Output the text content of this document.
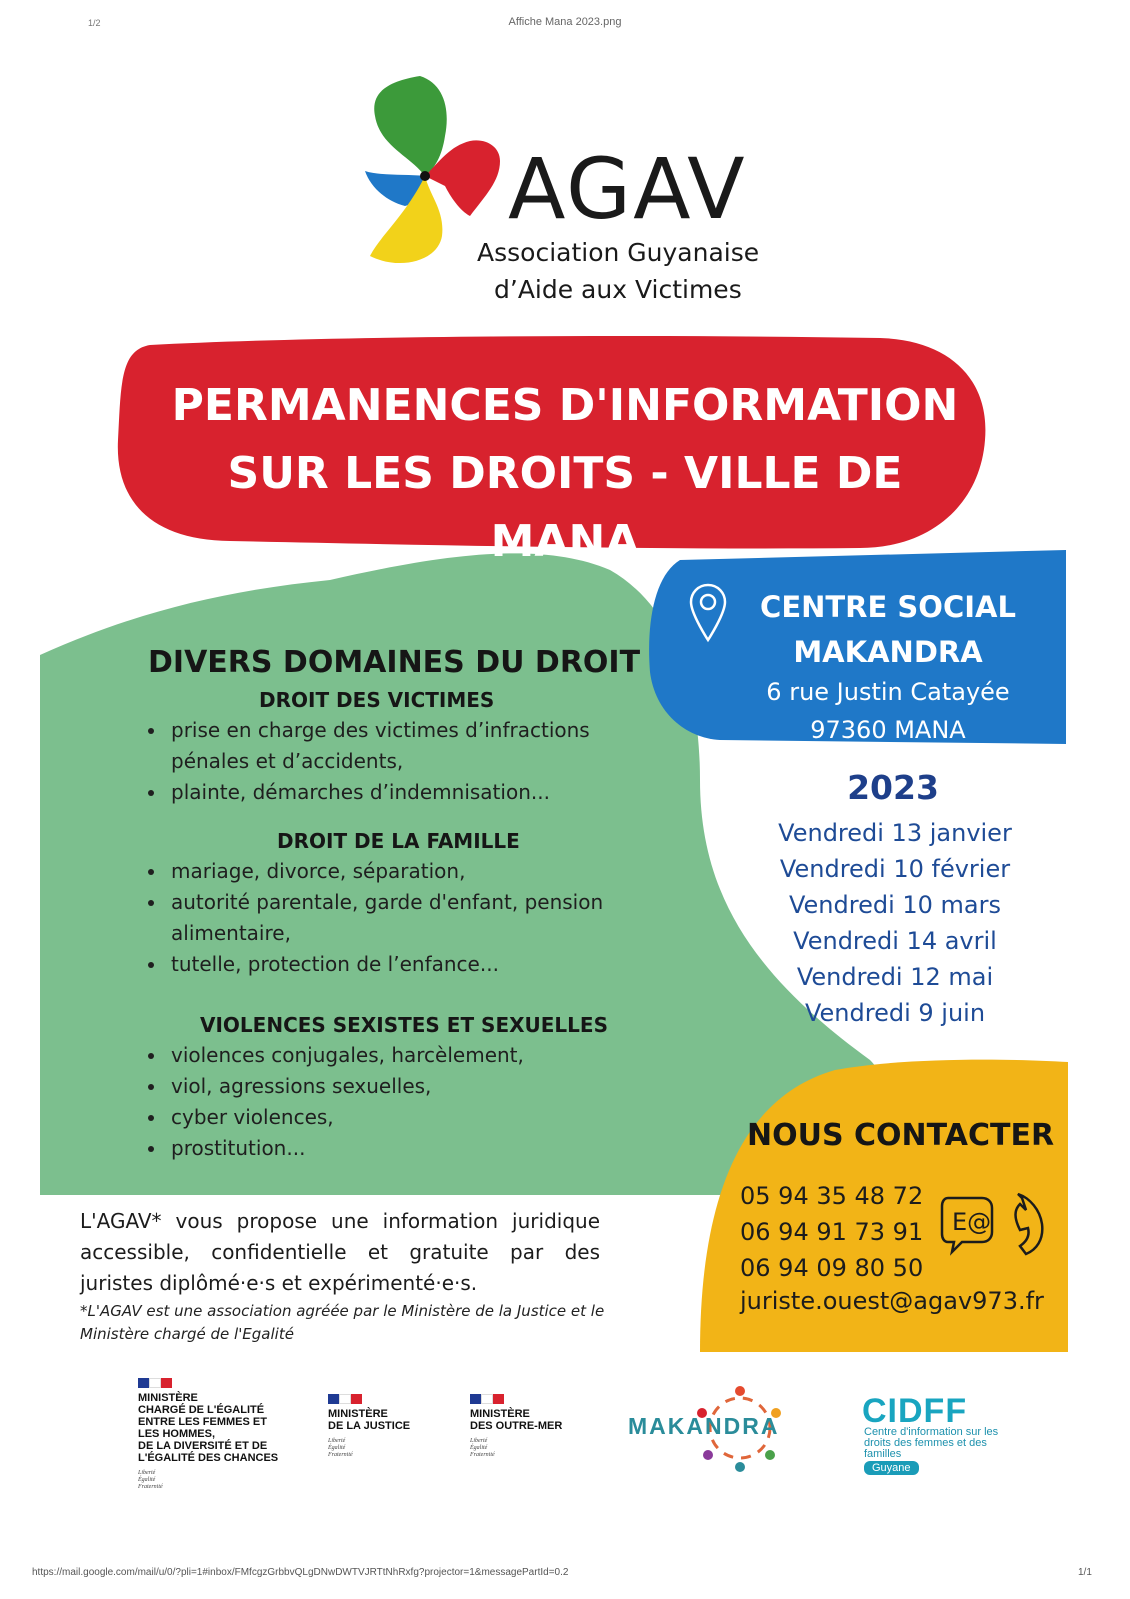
1/2	Affiche Mana 2023.png
https://mail.google.com/mail/u/0/?pli=1#inbox/FMfcgzGrbbvQLgDNwDWTVJRTtNhRxfg?projector=1&messagePartId=0.2	1/1
AGAV
Association Guyanaise
d’Aide aux Victimes
PERMANENCES D'INFORMATION
SUR LES DROITS - VILLE DE MANA
DIVERS DOMAINES DU DROIT
DROIT DES VICTIMES
• prise en charge des victimes d’infractions pénales et d’accidents,
• plainte, démarches d’indemnisation...
DROIT DE LA FAMILLE
• mariage, divorce, séparation,
• autorité parentale, garde d'enfant, pension alimentaire,
• tutelle, protection de l’enfance...
VIOLENCES SEXISTES ET SEXUELLES
• violences conjugales, harcèlement,
• viol, agressions sexuelles,
• cyber violences,
• prostitution...
CENTRE SOCIAL
MAKANDRA
6 rue Justin Catayée
97360 MANA
2023
Vendredi 13 janvier
Vendredi 10 février
Vendredi 10 mars
Vendredi 14 avril
Vendredi 12 mai
Vendredi 9 juin
NOUS CONTACTER
05 94 35 48 72
06 94 91 73 91
06 94 09 80 50
juriste.ouest@agav973.fr
E@
L'AGAV* vous propose une information juridique accessible, confidentielle et gratuite par des juristes diplômé·e·s et expérimenté·e·s.
*L'AGAV est une association agréée par le Ministère de la Justice et le Ministère chargé de l'Egalité
MINISTÈRE
CHARGÉ DE L'ÉGALITÉ
ENTRE LES FEMMES ET
LES HOMMES,
DE LA DIVERSITÉ ET DE
L'ÉGALITÉ DES CHANCES
Liberté
Égalité
Fraternité
MINISTÈRE
DE LA JUSTICE
Liberté
Égalité
Fraternité
MINISTÈRE
DES OUTRE-MER
Liberté
Égalité
Fraternité
MAKANDRA CIDFF
Centre d'information sur les droits des femmes et des familles
Guyane
